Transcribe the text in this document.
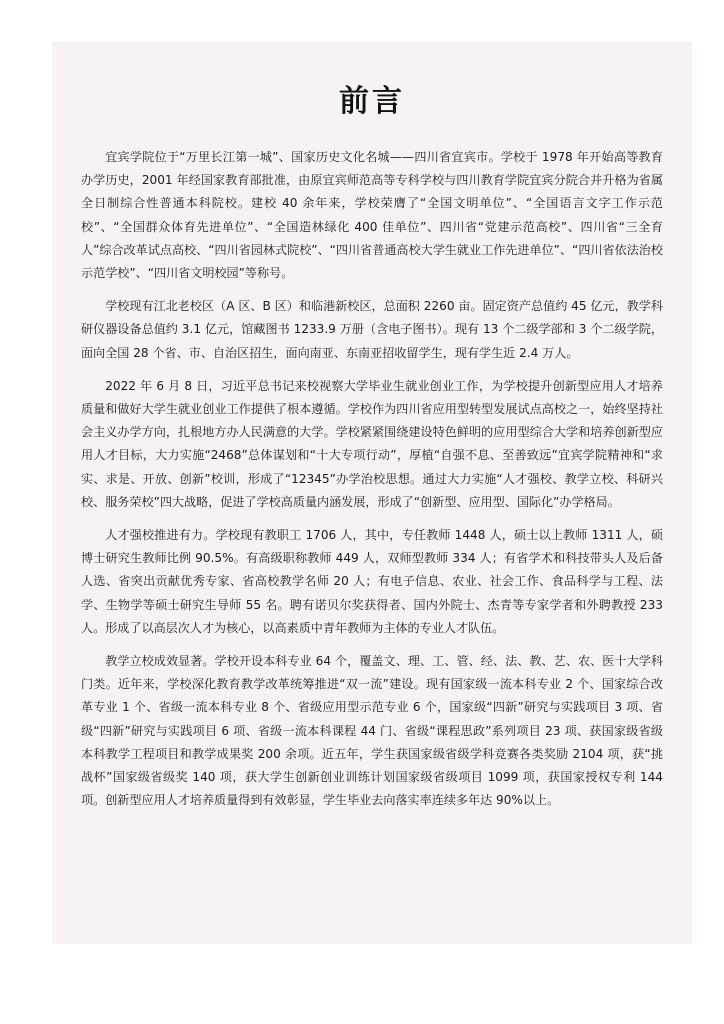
前言

宜宾学院位于“万里长江第一城”、国家历史文化名城——四川省宜宾市。学校于 1978 年开始高等教育办学历史，2001 年经国家教育部批准，由原宜宾师范高等专科学校与四川教育学院宜宾分院合并升格为省属全日制综合性普通本科院校。建校 40 余年来，学校荣膺了“全国文明单位”、“全国语言文字工作示范校”、“全国群众体育先进单位”、“全国造林绿化 400 佳单位”、四川省“党建示范高校”、四川省“三全育人”综合改革试点高校、“四川省园林式院校”、“四川省普通高校大学生就业工作先进单位”、“四川省依法治校示范学校”、“四川省文明校园”等称号。

学校现有江北老校区（A 区、B 区）和临港新校区，总面积 2260 亩。固定资产总值约 45 亿元，教学科研仪器设备总值约 3.1 亿元，馆藏图书 1233.9 万册（含电子图书）。现有 13 个二级学部和 3 个二级学院，面向全国 28 个省、市、自治区招生，面向南亚、东南亚招收留学生，现有学生近 2.4 万人。

2022 年 6 月 8 日，习近平总书记来校视察大学毕业生就业创业工作，为学校提升创新型应用人才培养质量和做好大学生就业创业工作提供了根本遵循。学校作为四川省应用型转型发展试点高校之一，始终坚持社会主义办学方向，扎根地方办人民满意的大学。学校紧紧围绕建设特色鲜明的应用型综合大学和培养创新型应用人才目标，大力实施“2468”总体谋划和“十大专项行动”，厚植“自强不息、至善致远”宜宾学院精神和“求实、求是、开放、创新”校训，形成了“12345”办学治校思想。通过大力实施“人才强校、教学立校、科研兴校、服务荣校”四大战略，促进了学校高质量内涵发展，形成了“创新型、应用型、国际化”办学格局。

人才强校推进有力。学校现有教职工 1706 人，其中，专任教师 1448 人，硕士以上教师 1311 人，硕博士研究生教师比例 90.5%。有高级职称教师 449 人，双师型教师 334 人；有省学术和科技带头人及后备人选、省突出贡献优秀专家、省高校教学名师 20 人；有电子信息、农业、社会工作、食品科学与工程、法学、生物学等硕士研究生导师 55 名。聘有诺贝尔奖获得者、国内外院士、杰青等专家学者和外聘教授 233 人。形成了以高层次人才为核心，以高素质中青年教师为主体的专业人才队伍。

教学立校成效显著。学校开设本科专业 64 个，覆盖文、理、工、管、经、法、教、艺、农、医十大学科门类。近年来，学校深化教育教学改革统筹推进“双一流”建设。现有国家级一流本科专业 2 个、国家综合改革专业 1 个、省级一流本科专业 8 个、省级应用型示范专业 6 个，国家级“四新”研究与实践项目 3 项、省级“四新”研究与实践项目 6 项、省级一流本科课程 44 门、省级“课程思政”系列项目 23 项、获国家级省级本科教学工程项目和教学成果奖 200 余项。近五年，学生获国家级省级学科竞赛各类奖励 2104 项，获“挑战杯”国家级省级奖 140 项，获大学生创新创业训练计划国家级省级项目 1099 项，获国家授权专利 144 项。创新型应用人才培养质量得到有效彰显，学生毕业去向落实率连续多年达 90%以上。
